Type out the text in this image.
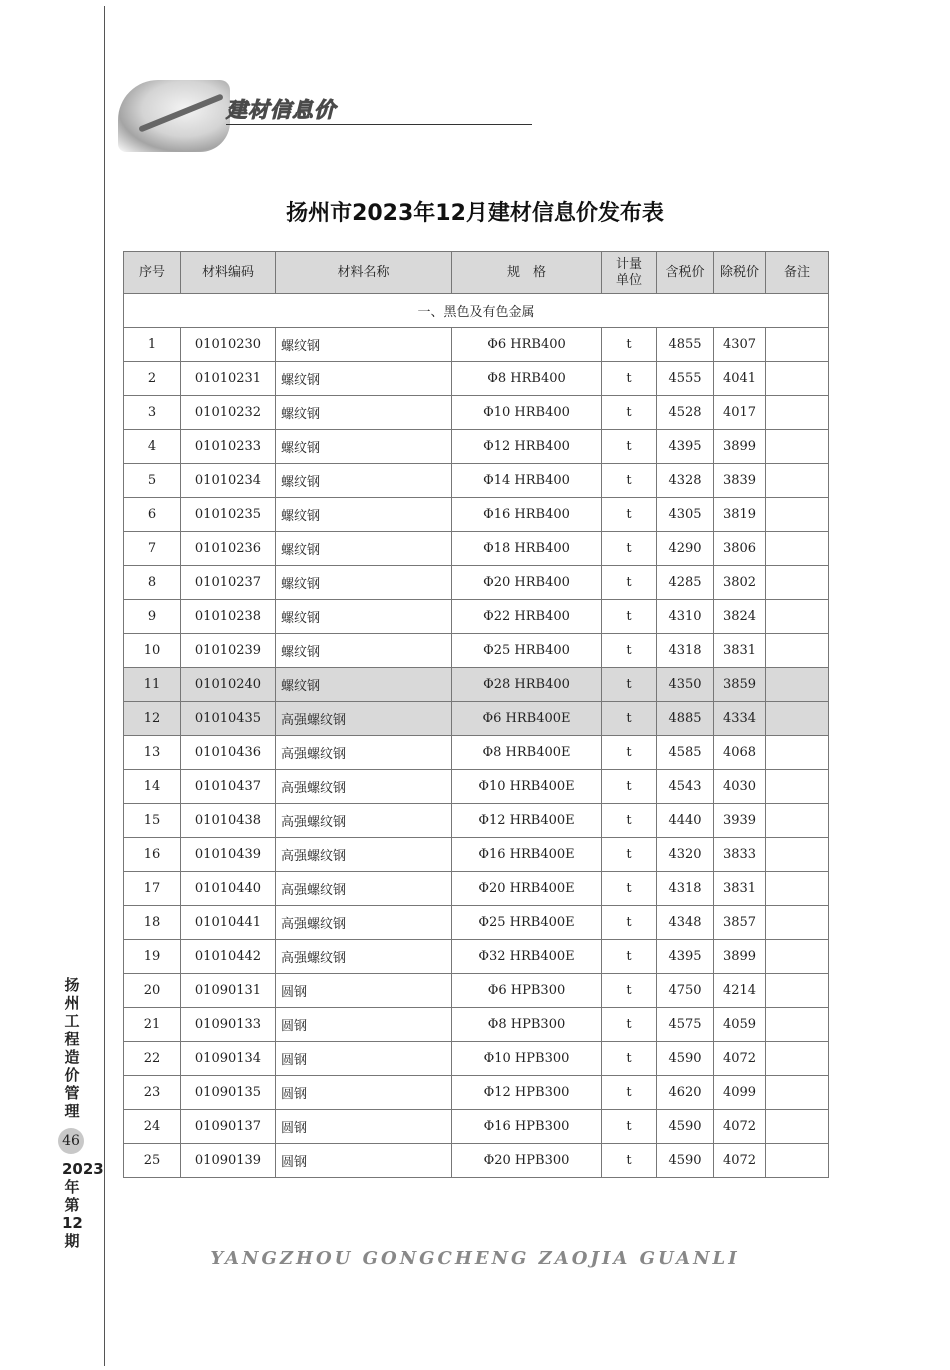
建材信息价
扬州市2023年12月建材信息价发布表
序号	材料编码	材料名称	规　格	计量单位	含税价	除税价	备注
一、黑色及有色金属							
1	01010230	螺纹钢	Φ6 HRB400	t	4855	4307	
2	01010231	螺纹钢	Φ8 HRB400	t	4555	4041	
3	01010232	螺纹钢	Φ10 HRB400	t	4528	4017	
4	01010233	螺纹钢	Φ12 HRB400	t	4395	3899	
5	01010234	螺纹钢	Φ14 HRB400	t	4328	3839	
6	01010235	螺纹钢	Φ16 HRB400	t	4305	3819	
7	01010236	螺纹钢	Φ18 HRB400	t	4290	3806	
8	01010237	螺纹钢	Φ20 HRB400	t	4285	3802	
9	01010238	螺纹钢	Φ22 HRB400	t	4310	3824	
10	01010239	螺纹钢	Φ25 HRB400	t	4318	3831	
11	01010240	螺纹钢	Φ28 HRB400	t	4350	3859	
12	01010435	高强螺纹钢	Φ6 HRB400E	t	4885	4334	
13	01010436	高强螺纹钢	Φ8 HRB400E	t	4585	4068	
14	01010437	高强螺纹钢	Φ10 HRB400E	t	4543	4030	
15	01010438	高强螺纹钢	Φ12 HRB400E	t	4440	3939	
16	01010439	高强螺纹钢	Φ16 HRB400E	t	4320	3833	
17	01010440	高强螺纹钢	Φ20 HRB400E	t	4318	3831	
18	01010441	高强螺纹钢	Φ25 HRB400E	t	4348	3857	
19	01010442	高强螺纹钢	Φ32 HRB400E	t	4395	3899	
20	01090131	圆钢	Φ6 HPB300	t	4750	4214	
21	01090133	圆钢	Φ8 HPB300	t	4575	4059	
22	01090134	圆钢	Φ10 HPB300	t	4590	4072	
23	01090135	圆钢	Φ12 HPB300	t	4620	4099	
24	01090137	圆钢	Φ16 HPB300	t	4590	4072	
25	01090139	圆钢	Φ20 HPB300	t	4590	4072	
扬州工程造价管理
46
2023
年
第
12
期
YANGZHOU GONGCHENG ZAOJIA GUANLI
